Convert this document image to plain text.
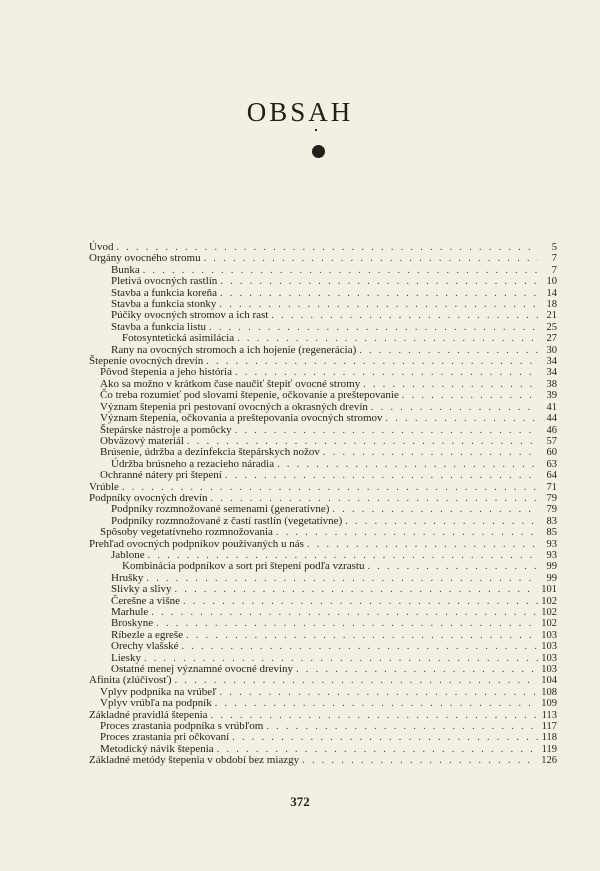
OBSAH
Úvod . . .	5
Orgány ovocného stromu . . .	7
Bunka . . .	7
Pletivá ovocných rastlín . . .	10
Stavba a funkcia koreňa . . .	14
Stavba a funkcia stonky . . .	18
Púčiky ovocných stromov a ich rast . . .	21
Stavba a funkcia listu . . .	25
Fotosyntetická asimilácia . . .	27
Rany na ovocných stromoch a ich hojenie (regenerácia) . . .	30
Štepenie ovocných drevín . . .	34
Pôvod štepenia a jeho história . . .	34
Ako sa možno v krátkom čase naučiť štepiť ovocné stromy . . .	38
Čo treba rozumieť pod slovami štepenie, očkovanie a preštepovanie . . .	39
Význam štepenia pri pestovaní ovocných a okrasných drevín . . .	41
Význam štepenia, očkovania a preštepovania ovocných stromov . . .	44
Štepárske nástroje a pomôcky . . .	46
Obväzový materiál . . .	57
Brúsenie, údržba a dezinfekcia štepárskych nožov . . .	60
Údržba brúsneho a rezacieho náradia . . .	63
Ochranné nátery pri štepení . . .	64
Vrúble . . .	71
Podpníky ovocných drevín . . .	79
Podpníky rozmnožované semenami (generatívne) . . .	79
Podpníky rozmnožované z častí rastlín (vegetatívne) . . .	83
Spôsoby vegetatívneho rozmnožovania . . .	85
Prehľad ovocných podpníkov používaných u nás . . .	93
Jablone . . .	93
Kombinácia podpníkov a sort pri štepení podľa vzrastu . . .	99
Hrušky . . .	99
Slivky a slivy . . .	101
Čerešne a višne . . .	102
Marhule . . .	102
Broskyne . . .	102
Ríbezle a egreše . . .	103
Orechy vlašské . . .	103
Liesky . . .	103
Ostatné menej významné ovocné dreviny . . .	103
Afinita (zlúčivosť) . . .	104
Vplyv podpníka na vrúbeľ . . .	108
Vplyv vrúbľa na podpník . . .	109
Základné pravidlá štepenia . . .	113
Proces zrastania podpníka s vrúbľom . . .	117
Proces zrastania pri očkovaní . . .	118
Metodický návik štepenia . . .	119
Základné metódy štepenia v období bez miazgy . . .	126
372
